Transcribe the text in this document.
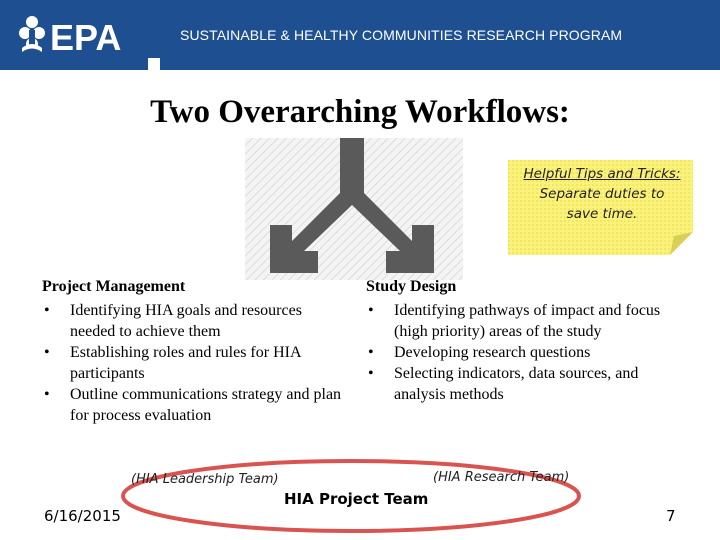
EPA	SUSTAINABLE & HEALTHY COMMUNITIES RESEARCH PROGRAM
Two Overarching Workflows:
Helpful Tips and Tricks:
Separate duties to
save time.
Project Management
• Identifying HIA goals and resources needed to achieve them
• Establishing roles and rules for HIA participants
• Outline communications strategy and plan for process evaluation
Study Design
• Identifying pathways of impact and focus (high priority) areas of the study
• Developing research questions
• Selecting indicators, data sources, and analysis methods
(HIA Leadership Team)	(HIA Research Team)
HIA Project Team
6/16/2015	7
